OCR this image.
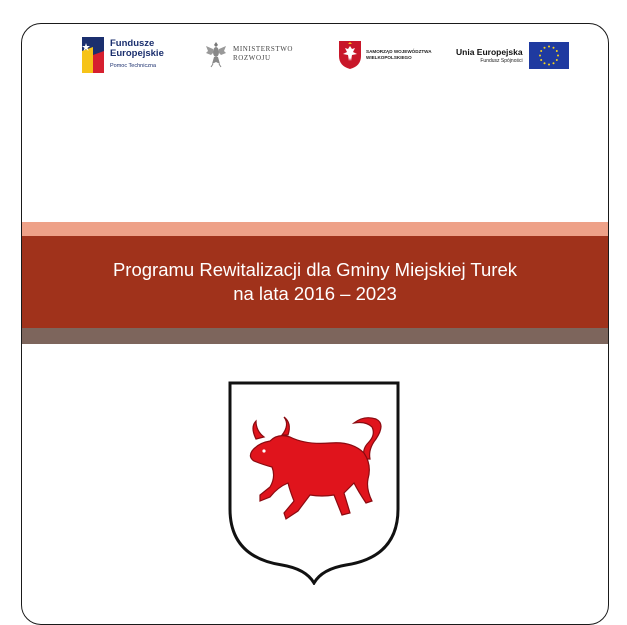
Fundusze
Europejskie
Pomoc Techniczna
MINISTERSTWO
ROZWOJU
SAMORZĄD WOJEWÓDZTWA
WIELKOPOLSKIEGO
Unia Europejska
Fundusz Spójności
Programu Rewitalizacji dla Gminy Miejskiej Turek
na lata 2016 – 2023
